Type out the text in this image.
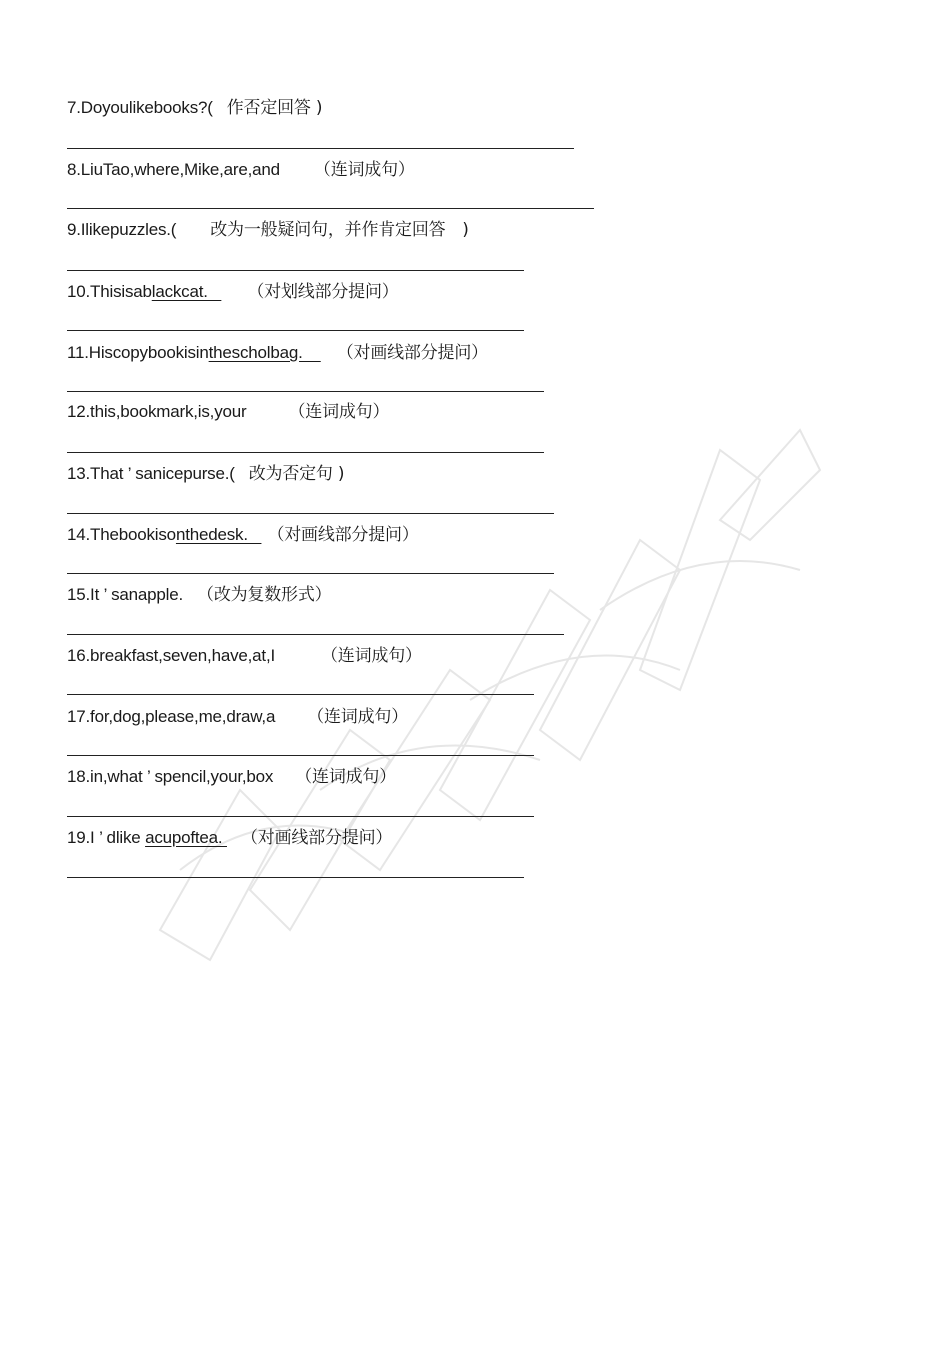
7.Doyoulikebooks?( 作否定回答 )
8.LiuTao,where,Mike,are,and （连词成句）
9.Ilikepuzzles.( 改为一般疑问句，并作肯定回答　)
10.Thisisablackcat.   （对划线部分提问）
11.Hiscopybookisinthescholbag.    （对画线部分提问）
12.this,bookmark,is,your （连词成句）
13.That ’ sanicepurse.( 改为否定句 )
14.Thebookisonthedesk.   （对画线部分提问）
15.It ’ sanapple. （改为复数形式）
16.breakfast,seven,have,at,I	（连词成句）
17.for,dog,please,me,draw,a （连词成句）
18.in,what ’ spencil,your,box （连词成句）
19.I ’ dlike acupoftea. （对画线部分提问）
